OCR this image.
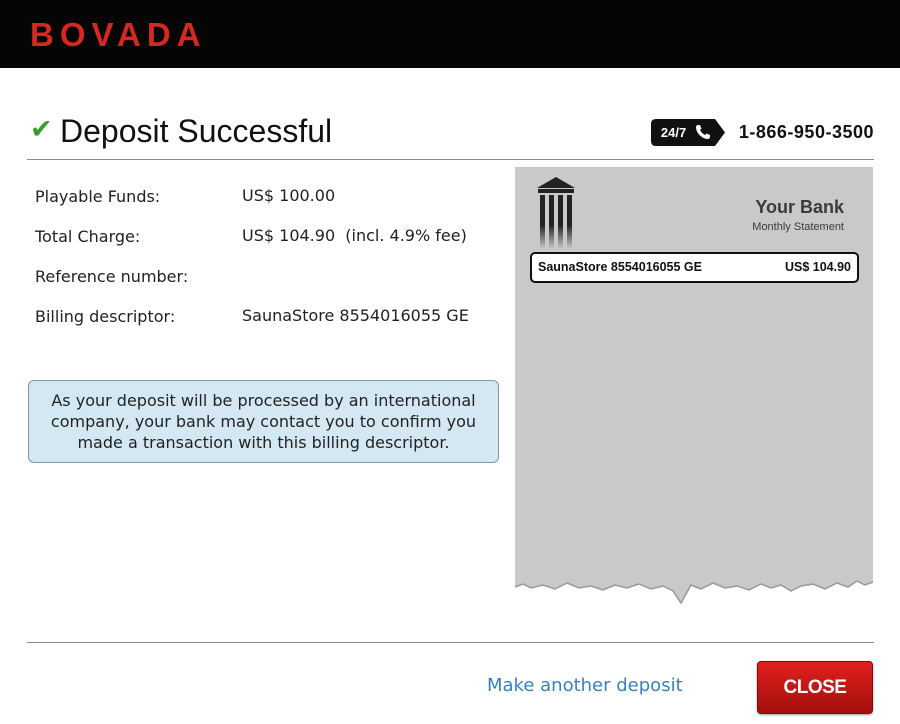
BOVADA
✔ Deposit Successful	24/7	1-866-950-3500
Playable Funds:	US$ 100.00
Total Charge:	US$ 104.90  (incl. 4.9% fee)
Reference number:
Billing descriptor:	SaunaStore 8554016055 GE
As your deposit will be processed by an international company, your bank may contact you to confirm you made a transaction with this billing descriptor.
Your Bank
Monthly Statement
SaunaStore 8554016055 GE	US$ 104.90
Make another deposit	CLOSE
